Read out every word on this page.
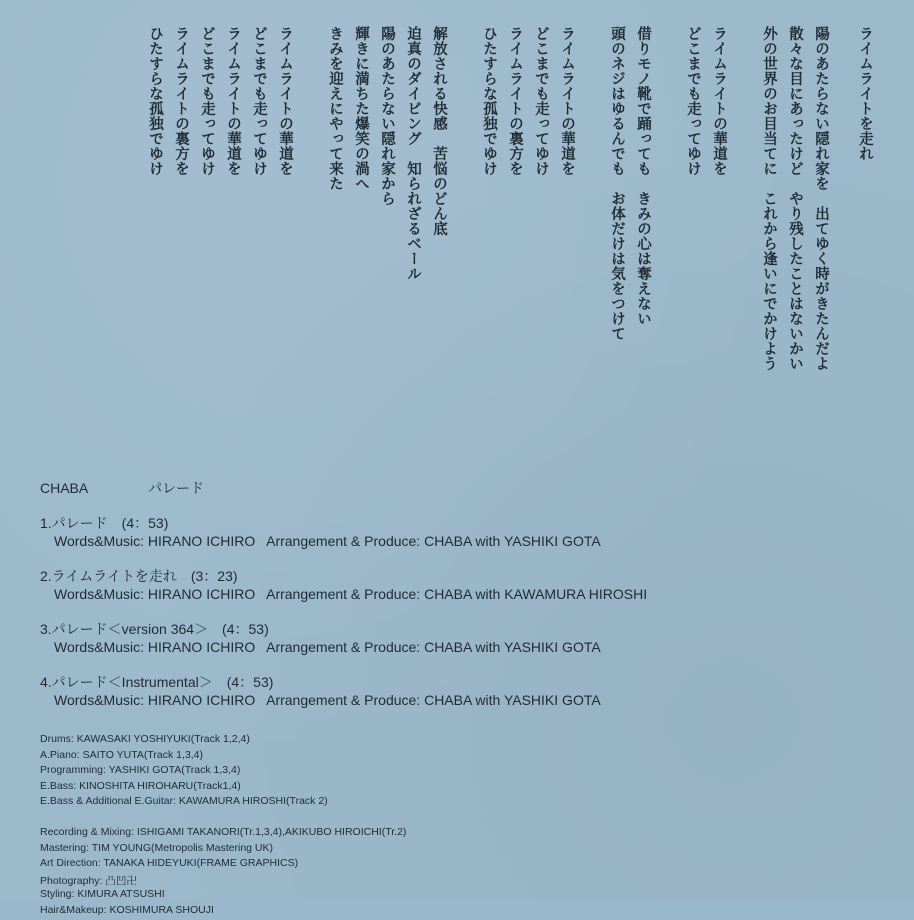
ライムライトを走れ
陽のあたらない隠れ家を　出てゆく時がきたんだよ
散々な目にあったけど　やり残したことはないかい
外の世界のお目当てに　これから逢いにでかけよう
ライムライトの華道を
どこまでも走ってゆけ
借りモノ靴で踊っても　きみの心は奪えない
頭のネジはゆるんでも　お体だけは気をつけて
ライムライトの華道を
どこまでも走ってゆけ
ライムライトの裏方を
ひたすらな孤独でゆけ
解放される快感　苦悩のどん底
迫真のダイビング　知られざるベール
陽のあたらない隠れ家から
輝きに満ちた爆笑の渦へ
きみを迎えにやって来た
ライムライトの華道を
どこまでも走ってゆけ
ライムライトの華道を
どこまでも走ってゆけ
ライムライトの裏方を
ひたすらな孤独でゆけ
CHABA	パレード
1.パレード　(4：53)
Words&Music: HIRANO ICHIRO   Arrangement & Produce: CHABA with YASHIKI GOTA
2.ライムライトを走れ　(3：23)
Words&Music: HIRANO ICHIRO   Arrangement & Produce: CHABA with KAWAMURA HIROSHI
3.パレード＜version 364＞　(4：53)
Words&Music: HIRANO ICHIRO   Arrangement & Produce: CHABA with YASHIKI GOTA
4.パレード＜Instrumental＞　(4：53)
Words&Music: HIRANO ICHIRO   Arrangement & Produce: CHABA with YASHIKI GOTA
Drums: KAWASAKI YOSHIYUKI(Track 1,2,4)
A.Piano: SAITO YUTA(Track 1,3,4)
Programming: YASHIKI GOTA(Track 1,3,4)
E.Bass: KINOSHITA HIROHARU(Track1,4)
E.Bass & Additional E.Guitar: KAWAMURA HIROSHI(Track 2)
Recording & Mixing: ISHIGAMI TAKANORI(Tr.1,3,4),AKIKUBO HIROICHI(Tr.2)
Mastering: TIM YOUNG(Metropolis Mastering UK)
Art Direction: TANAKA HIDEYUKI(FRAME GRAPHICS)
Photography: 凸凹卍
Styling: KIMURA ATSUSHI
Hair&Makeup: KOSHIMURA SHOUJI
